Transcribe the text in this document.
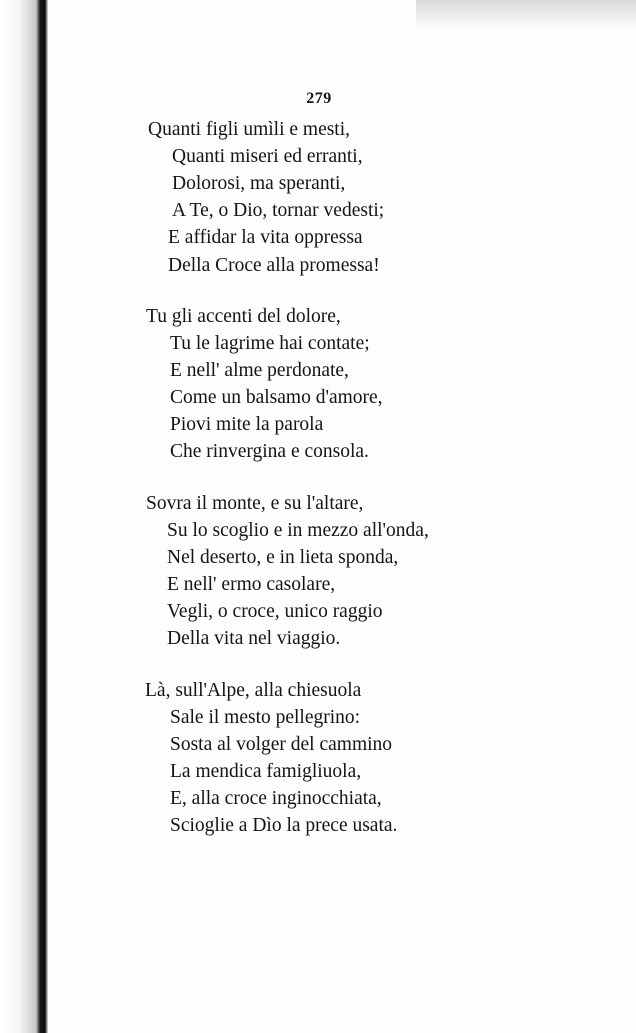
279
Quanti figli umìli e mesti,
Quanti miseri ed erranti,
Dolorosi, ma speranti,
A Te, o Dio, tornar vedesti;
E affidar la vita oppressa
Della Croce alla promessa!
Tu gli accenti del dolore,
Tu le lagrime hai contate;
E nell' alme perdonate,
Come un balsamo d'amore,
Piovi mite la parola
Che rinvergina e consola.
Sovra il monte, e su l'altare,
Su lo scoglio e in mezzo all'onda,
Nel deserto, e in lieta sponda,
E nell' ermo casolare,
Vegli, o croce, unico raggio
Della vita nel viaggio.
Là, sull'Alpe, alla chiesuola
Sale il mesto pellegrino:
Sosta al volger del cammino
La mendica famigliuola,
E, alla croce inginocchiata,
Scioglie a Dìo la prece usata.
